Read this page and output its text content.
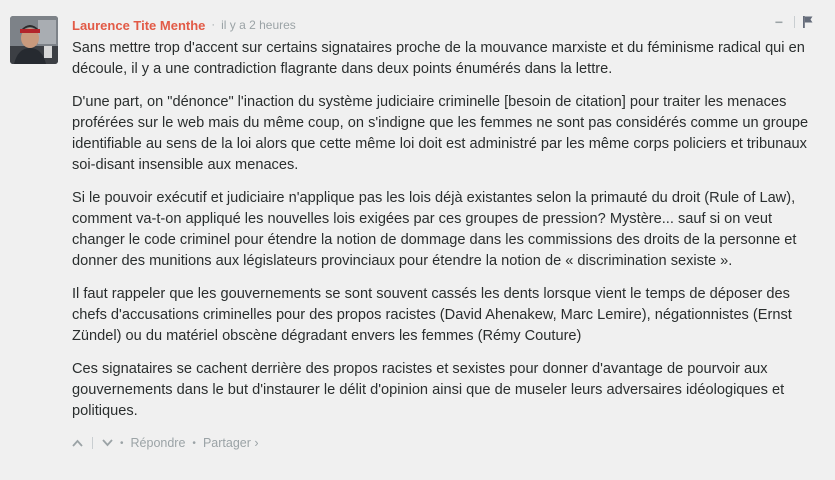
Laurence Tite Menthe · il y a 2 heures	−

Sans mettre trop d'accent sur certains signataires proche de la mouvance marxiste et du féminisme radical qui en découle, il y a une contradiction flagrante dans deux points énumérés dans la lettre.

D'une part, on "dénonce" l'inaction du système judiciaire criminelle [besoin de citation] pour traiter les menaces proférées sur le web mais du même coup, on s'indigne que les femmes ne sont pas considérés comme un groupe identifiable au sens de la loi alors que cette même loi doit est administré par les même corps policiers et tribunaux soi-disant insensible aux menaces.

Si le pouvoir exécutif et judiciaire n'applique pas les lois déjà existantes selon la primauté du droit (Rule of Law), comment va-t-on appliqué les nouvelles lois exigées par ces groupes de pression? Mystère... sauf si on veut changer le code criminel pour étendre la notion de dommage dans les commissions des droits de la personne et donner des munitions aux législateurs provinciaux pour étendre la notion de « discrimination sexiste ».

Il faut rappeler que les gouvernements se sont souvent cassés les dents lorsque vient le temps de déposer des chefs d'accusations criminelles pour des propos racistes (David Ahenakew, Marc Lemire), négationnistes (Ernst Zündel) ou du matériel obscène dégradant envers les femmes (Rémy Couture)

Ces signataires se cachent derrière des propos racistes et sexistes pour donner d'avantage de pourvoir aux gouvernements dans le but d'instaurer le délit d'opinion ainsi que de museler leurs adversaires idéologiques et politiques.

• Répondre • Partager ›
